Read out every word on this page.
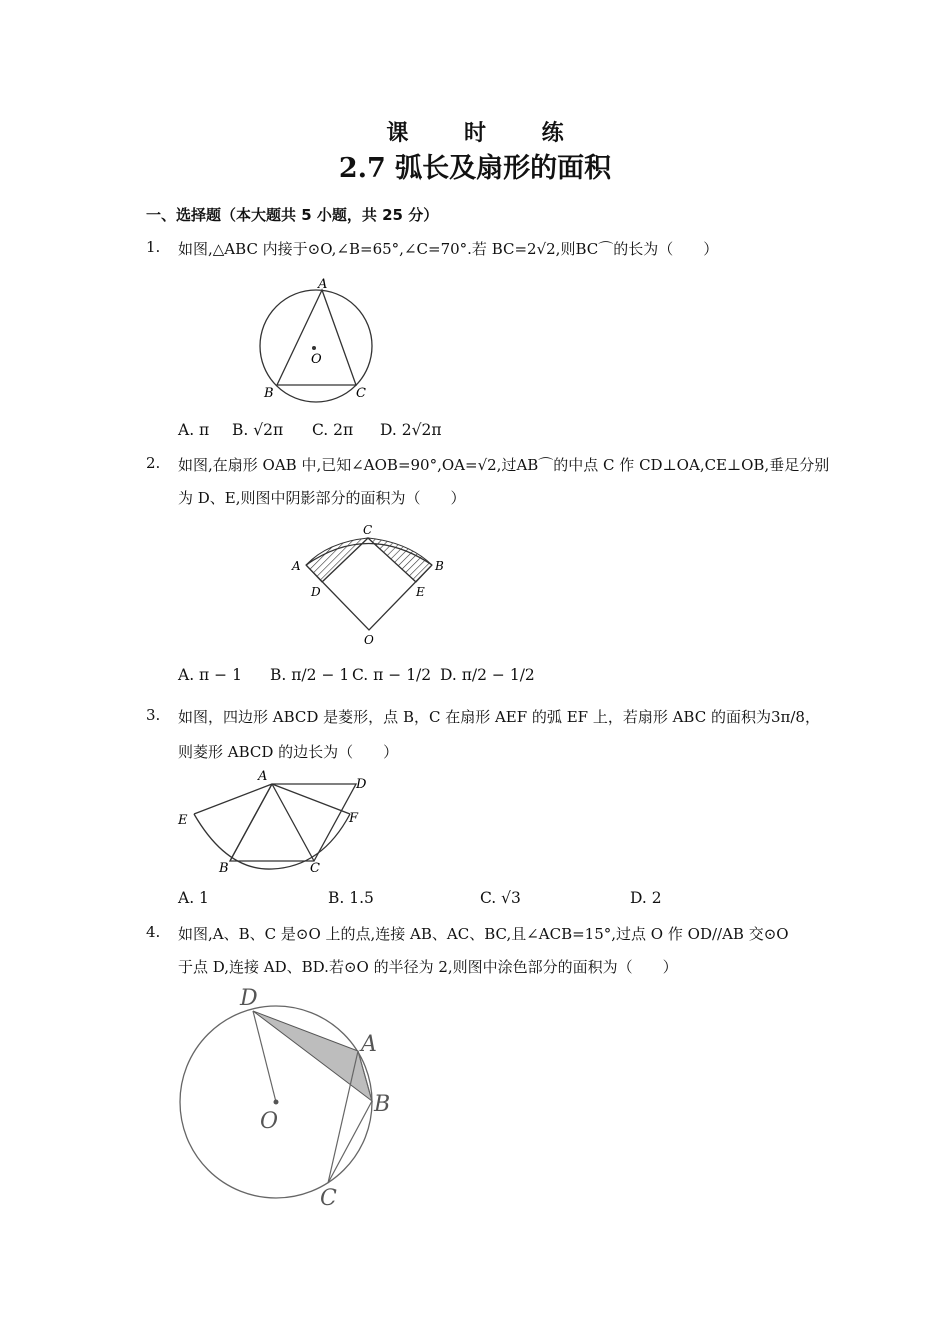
课 时 练
2.7 弧长及扇形的面积
一、选择题（本大题共 5 小题，共 25 分）
1. 如图,△ABC 内接于⊙O,∠B=65°,∠C=70°.若 BC=2√2,则BC⌒的长为（　　）
A
O
B	C
A. π B. √2π C. 2π D. 2√2π
2. 如图,在扇形 OAB 中,已知∠AOB=90°,OA=√2,过AB⌒的中点 C 作 CD⊥OA,CE⊥OB,垂足分别
为 D、E,则图中阴影部分的面积为（　　）
C
A	B
D	E
O
A. π − 1 B. π/2 − 1 C. π − 1/2 D. π/2 − 1/2
3. 如图，四边形 ABCD 是菱形，点 B，C 在扇形 AEF 的弧 EF 上，若扇形 ABC 的面积为3π/8，
则菱形 ABCD 的边长为（　　）
A
D
E	F
B	C
A. 1	B. 1.5	C. √3	D. 2
4. 如图,A、B、C 是⊙O 上的点,连接 AB、AC、BC,且∠ACB=15°,过点 O 作 OD//AB 交⊙O
于点 D,连接 AD、BD.若⊙O 的半径为 2,则图中涂色部分的面积为（　　）
D
A
O
B
C
